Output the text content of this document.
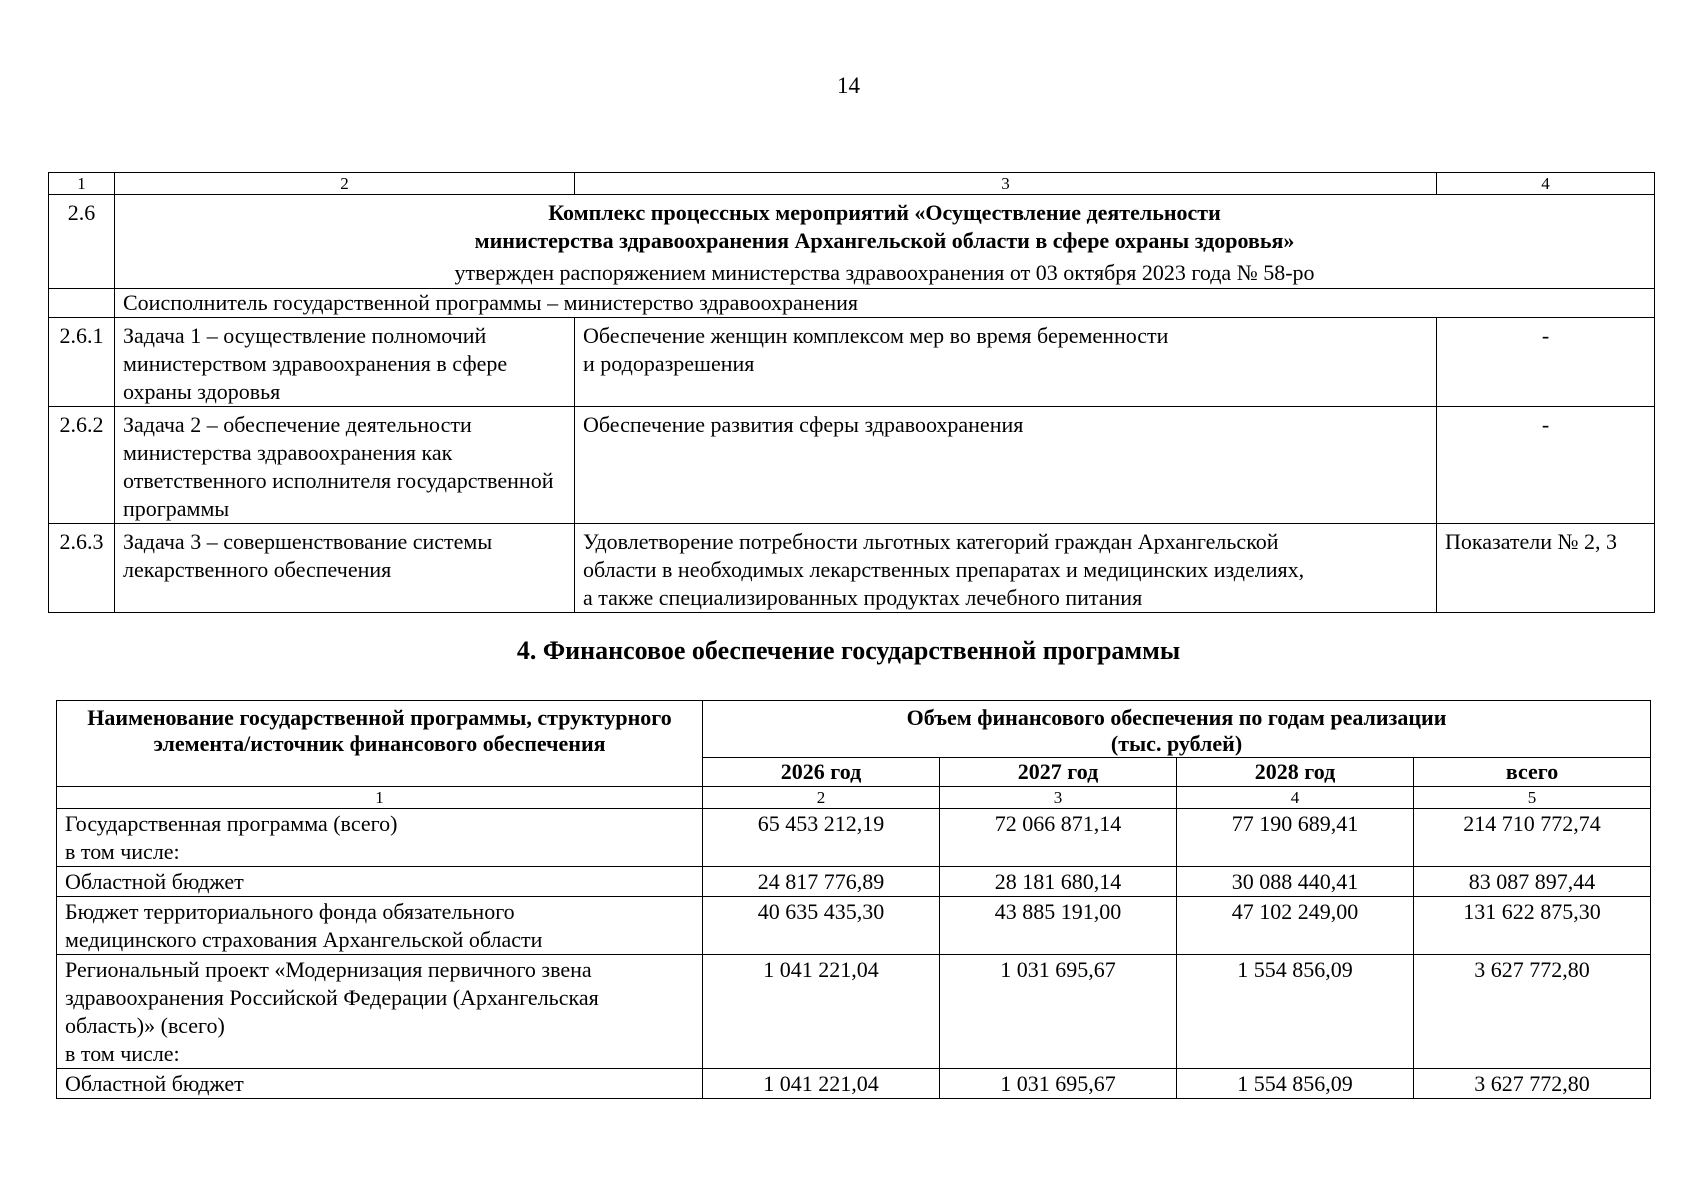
14
1	2	3	4
2.6	Комплекс процессных мероприятий «Осуществление деятельности
министерства здравоохранения Архангельской области в сфере охраны здоровья»
утвержден распоряжением министерства здравоохранения от 03 октября 2023 года № 58-ро		

	Соисполнитель государственной программы – министерство здравоохранения		
2.6.1	Задача 1 – осуществление полномочий министерством здравоохранения в сфере охраны здоровья	Обеспечение женщин комплексом мер во время беременности
и родоразрешения	-
2.6.2	Задача 2 – обеспечение деятельности министерства здравоохранения как ответственного исполнителя государственной программы	Обеспечение развития сферы здравоохранения	-
2.6.3	Задача 3 – совершенствование системы лекарственного обеспечения	Удовлетворение потребности льготных категорий граждан Архангельской
области в необходимых лекарственных препаратах и медицинских изделиях,
а также специализированных продуктах лечебного питания	Показатели № 2, 3
4. Финансовое обеспечение государственной программы
Наименование государственной программы, структурного элемента/источник финансового обеспечения	Объем финансового обеспечения по годам реализации
(тыс. рублей)			
	2026 год	2027 год	2028 год	всего
1	2	3	4	5
Государственная программа (всего)
в том числе:	65 453 212,19	72 066 871,14	77 190 689,41	214 710 772,74
Областной бюджет	24 817 776,89	28 181 680,14	30 088 440,41	83 087 897,44
Бюджет территориального фонда обязательного
медицинского страхования Архангельской области	40 635 435,30	43 885 191,00	47 102 249,00	131 622 875,30
Региональный проект «Модернизация первичного звена
здравоохранения Российской Федерации (Архангельская
область)» (всего)
в том числе:	1 041 221,04	1 031 695,67	1 554 856,09	3 627 772,80
Областной бюджет	1 041 221,04	1 031 695,67	1 554 856,09	3 627 772,80
